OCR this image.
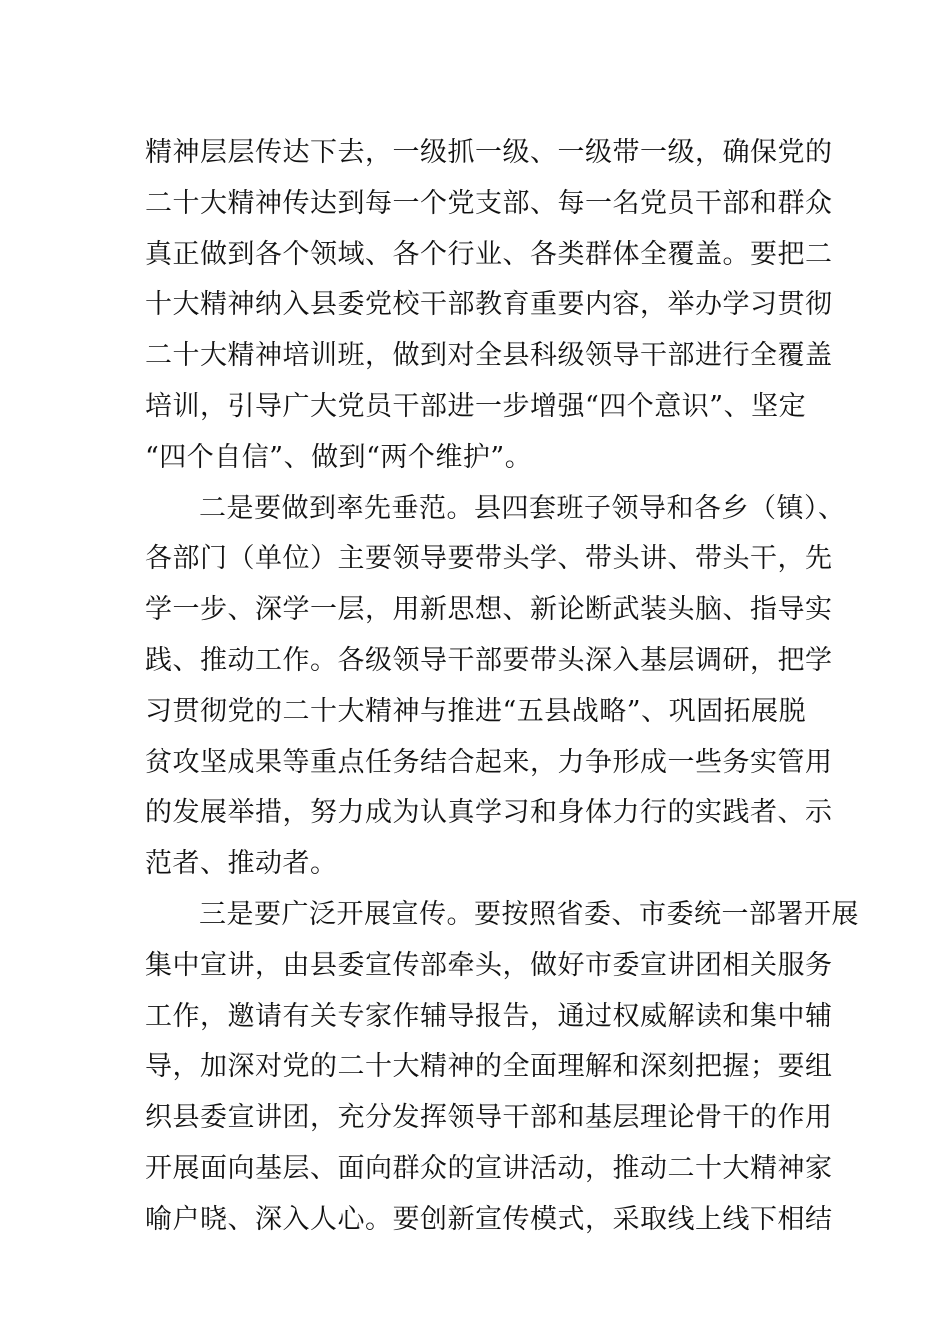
精神层层传达下去，一级抓一级、一级带一级，确保党的
二十大精神传达到每一个党支部、每一名党员干部和群众
真正做到各个领域、各个行业、各类群体全覆盖。要把二
十大精神纳入县委党校干部教育重要内容，举办学习贯彻
二十大精神培训班，做到对全县科级领导干部进行全覆盖
培训，引导广大党员干部进一步增强“四个意识”、坚定
“四个自信”、做到“两个维护”。
二是要做到率先垂范。县四套班子领导和各乡（镇）、
各部门（单位）主要领导要带头学、带头讲、带头干，先
学一步、深学一层，用新思想、新论断武装头脑、指导实
践、推动工作。各级领导干部要带头深入基层调研，把学
习贯彻党的二十大精神与推进“五县战略”、巩固拓展脱
贫攻坚成果等重点任务结合起来，力争形成一些务实管用
的发展举措，努力成为认真学习和身体力行的实践者、示
范者、推动者。
三是要广泛开展宣传。要按照省委、市委统一部署开展
集中宣讲，由县委宣传部牵头，做好市委宣讲团相关服务
工作，邀请有关专家作辅导报告，通过权威解读和集中辅
导，加深对党的二十大精神的全面理解和深刻把握；要组
织县委宣讲团，充分发挥领导干部和基层理论骨干的作用
开展面向基层、面向群众的宣讲活动，推动二十大精神家
喻户晓、深入人心。要创新宣传模式，采取线上线下相结
